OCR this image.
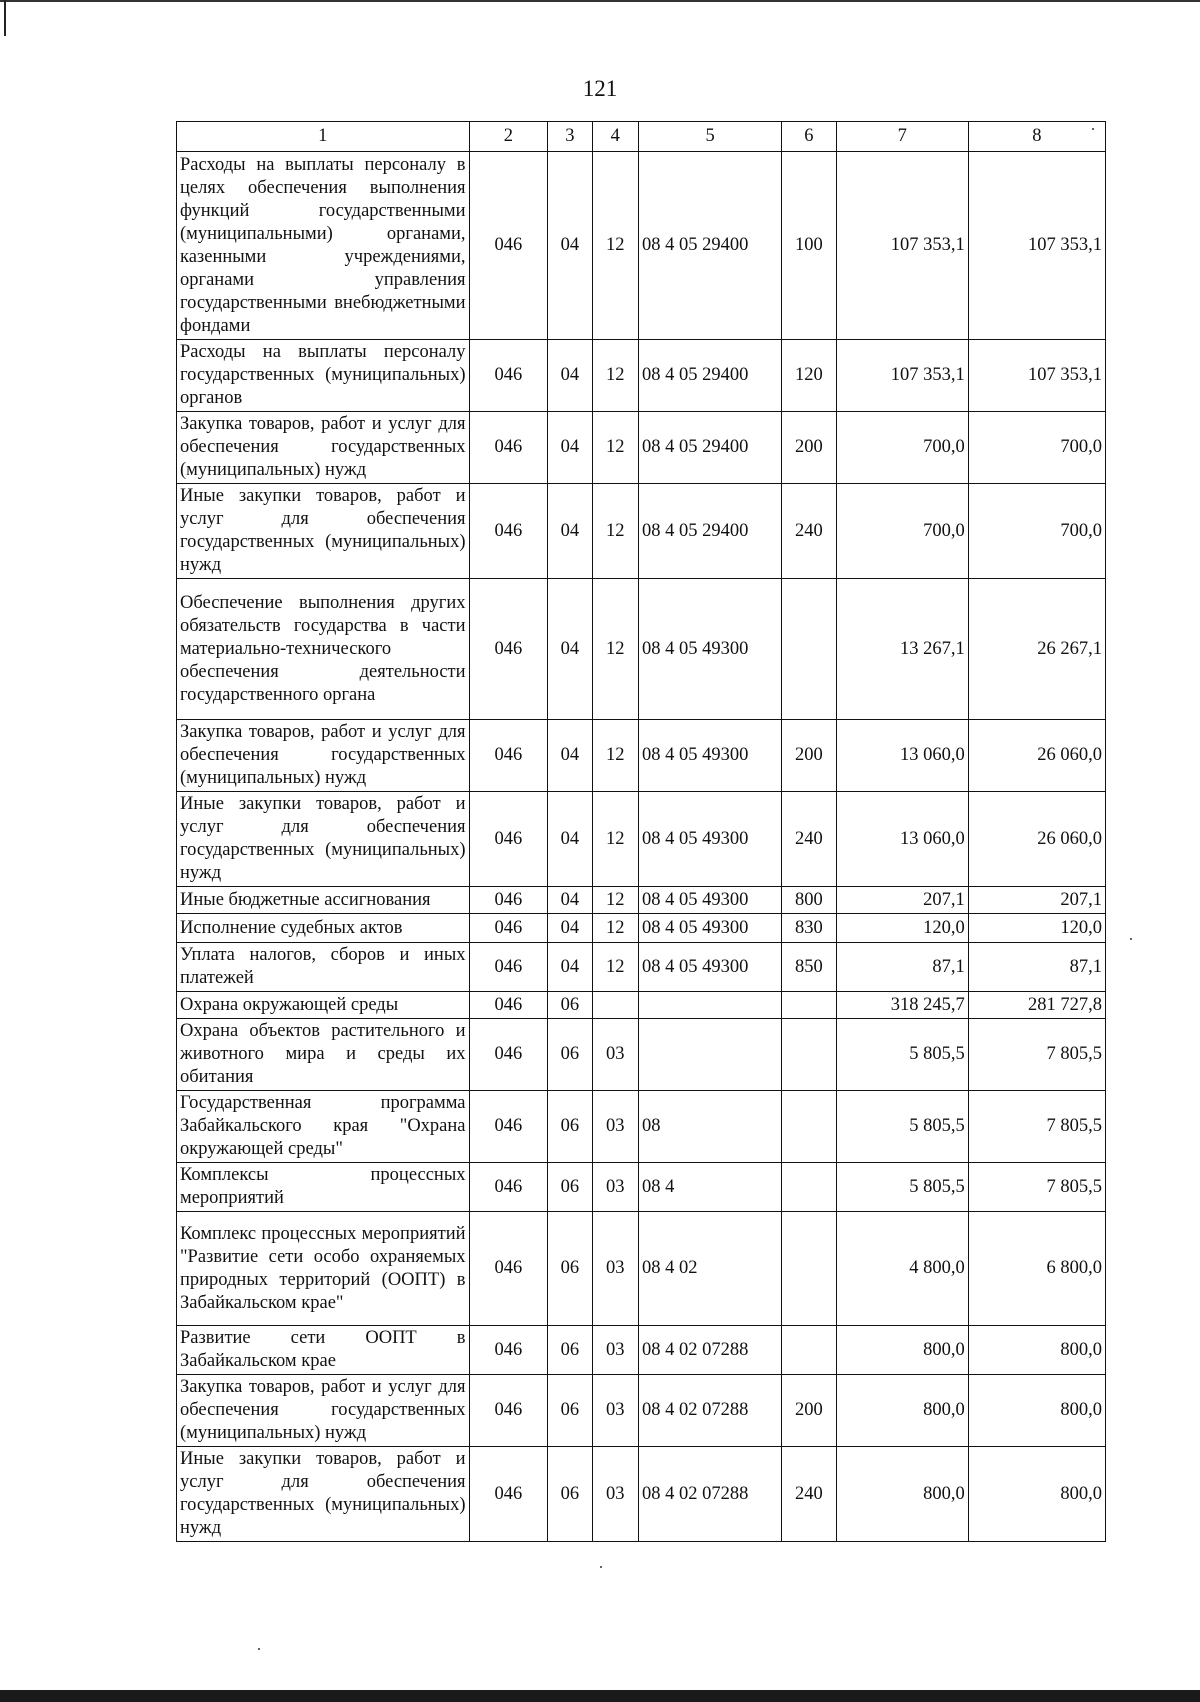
121
1	2	3	4	5	6	7	8
Расходы на выплаты персоналу в целях обеспечения выполнения функций государственными (муниципальными) органами, казенными учреждениями, органами управления государственными внебюджетными фондами	046	04	12	08 4 05 29400	100	107 353,1	107 353,1
Расходы на выплаты персоналу государственных (муниципальных) органов	046	04	12	08 4 05 29400	120	107 353,1	107 353,1
Закупка товаров, работ и услуг для обеспечения государственных (муниципальных) нужд	046	04	12	08 4 05 29400	200	700,0	700,0
Иные закупки товаров, работ и услуг для обеспечения государственных (муниципальных) нужд	046	04	12	08 4 05 29400	240	700,0	700,0
Обеспечение выполнения других обязательств государства в части материально-технического обеспечения деятельности государственного органа	046	04	12	08 4 05 49300		13 267,1	26 267,1
Закупка товаров, работ и услуг для обеспечения государственных (муниципальных) нужд	046	04	12	08 4 05 49300	200	13 060,0	26 060,0
Иные закупки товаров, работ и услуг для обеспечения государственных (муниципальных) нужд	046	04	12	08 4 05 49300	240	13 060,0	26 060,0
Иные бюджетные ассигнования	046	04	12	08 4 05 49300	800	207,1	207,1
Исполнение судебных актов	046	04	12	08 4 05 49300	830	120,0	120,0
Уплата налогов, сборов и иных платежей	046	04	12	08 4 05 49300	850	87,1	87,1
Охрана окружающей среды	046	06				318 245,7	281 727,8
Охрана объектов растительного и животного мира и среды их обитания	046	06	03			5 805,5	7 805,5
Государственная программа Забайкальского края "Охрана окружающей среды"	046	06	03	08		5 805,5	7 805,5
Комплексы процессных мероприятий	046	06	03	08 4		5 805,5	7 805,5
Комплекс процессных мероприятий "Развитие сети особо охраняемых природных территорий (ООПТ) в Забайкальском крае"	046	06	03	08 4 02		4 800,0	6 800,0
Развитие сети ООПТ в Забайкальском крае	046	06	03	08 4 02 07288		800,0	800,0
Закупка товаров, работ и услуг для обеспечения государственных (муниципальных) нужд	046	06	03	08 4 02 07288	200	800,0	800,0
Иные закупки товаров, работ и услуг для обеспечения государственных (муниципальных) нужд	046	06	03	08 4 02 07288	240	800,0	800,0
